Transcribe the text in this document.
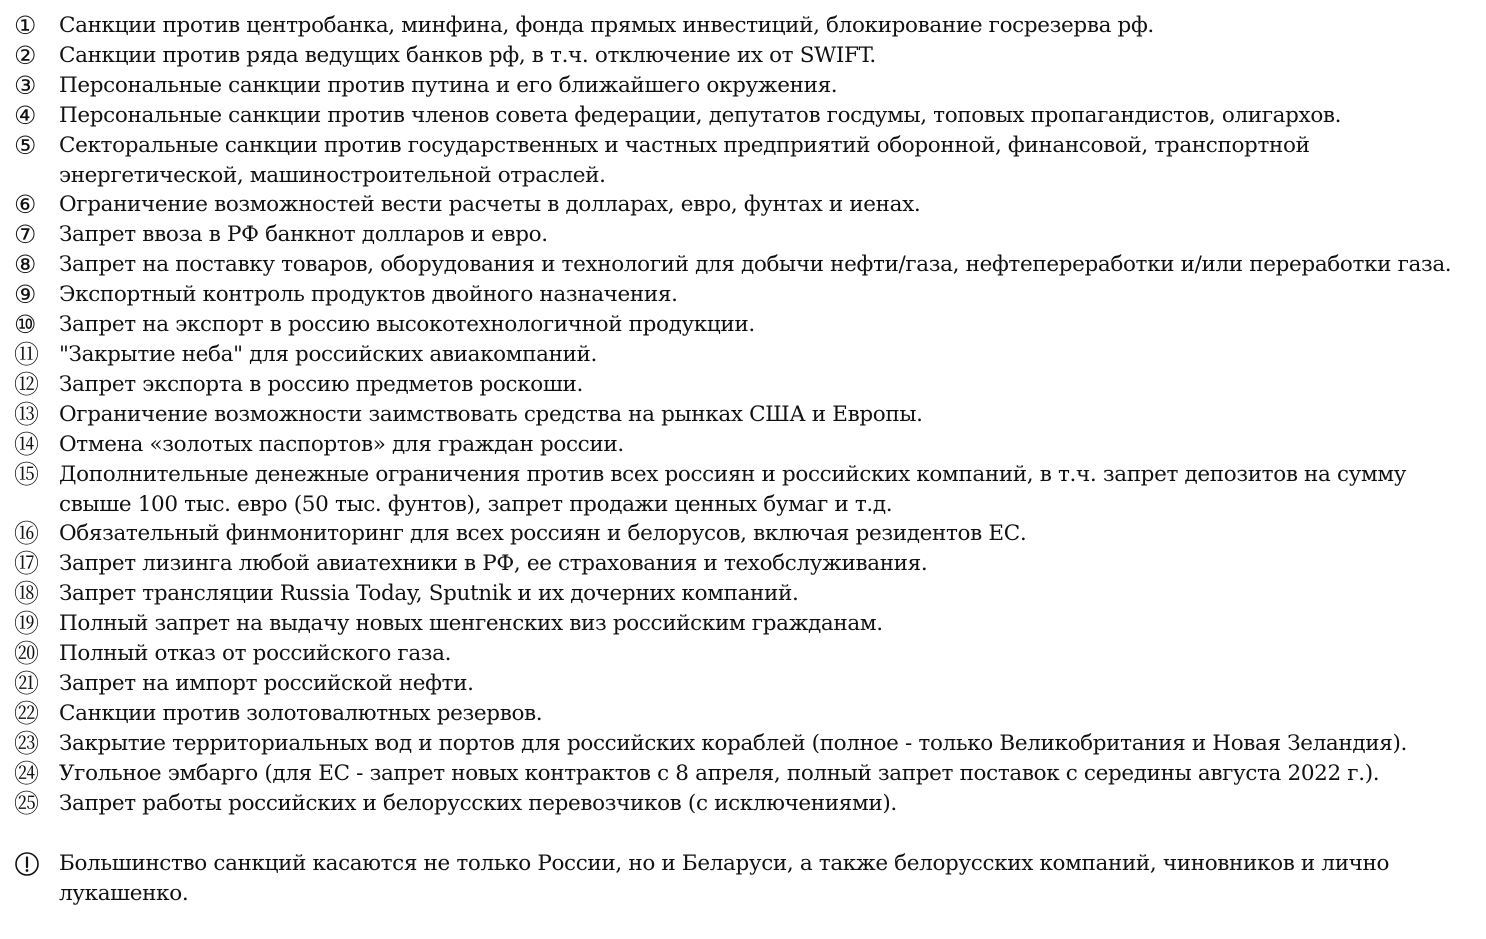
①	Санкции против центробанка, минфина, фонда прямых инвестиций, блокирование госрезерва рф.
②	Санкции против ряда ведущих банков рф, в т.ч. отключение их от SWIFT.
③	Персональные санкции против путина и его ближайшего окружения.
④	Персональные санкции против членов совета федерации, депутатов госдумы, топовых пропагандистов, олигархов.
⑤	Секторальные санкции против государственных и частных предприятий оборонной, финансовой, транспортной энергетической, машиностроительной отраслей.
⑥	Ограничение возможностей вести расчеты в долларах, евро, фунтах и иенах.
⑦	Запрет ввоза в РФ банкнот долларов и евро.
⑧	Запрет на поставку товаров, оборудования и технологий для добычи нефти/газа, нефтепереработки и/или переработки газа.
⑨	Экспортный контроль продуктов двойного назначения.
⑩	Запрет на экспорт в россию высокотехнологичной продукции.
⑪ "Закрытие неба" для российских авиакомпаний.
⑫ Запрет экспорта в россию предметов роскоши.
⑬ Ограничение возможности заимствовать средства на рынках США и Европы.
⑭ Отмена «золотых паспортов» для граждан россии.
⑮ Дополнительные денежные ограничения против всех россиян и российских компаний, в т.ч. запрет депозитов на сумму свыше 100 тыс. евро (50 тыс. фунтов), запрет продажи ценных бумаг и т.д.
⑯ Обязательный финмониторинг для всех россиян и белорусов, включая резидентов ЕС.
⑰ Запрет лизинга любой авиатехники в РФ, ее страхования и техобслуживания.
⑱ Запрет трансляции Russia Today, Sputnik и их дочерних компаний.
⑲ Полный запрет на выдачу новых шенгенских виз российским гражданам.
⑳ Полный отказ от российского газа.
㉑ Запрет на импорт российской нефти.
㉒ Санкции против золотовалютных резервов.
㉓ Закрытие территориальных вод и портов для российских кораблей (полное - только Великобритания и Новая Зеландия).
㉔ Угольное эмбарго (для ЕС - запрет новых контрактов с 8 апреля, полный запрет поставок с середины августа 2022 г.).
㉕ Запрет работы российских и белорусских перевозчиков (с исключениями).
Большинство санкций касаются не только России, но и Беларуси, а также белорусских компаний, чиновников и лично лукашенко.
